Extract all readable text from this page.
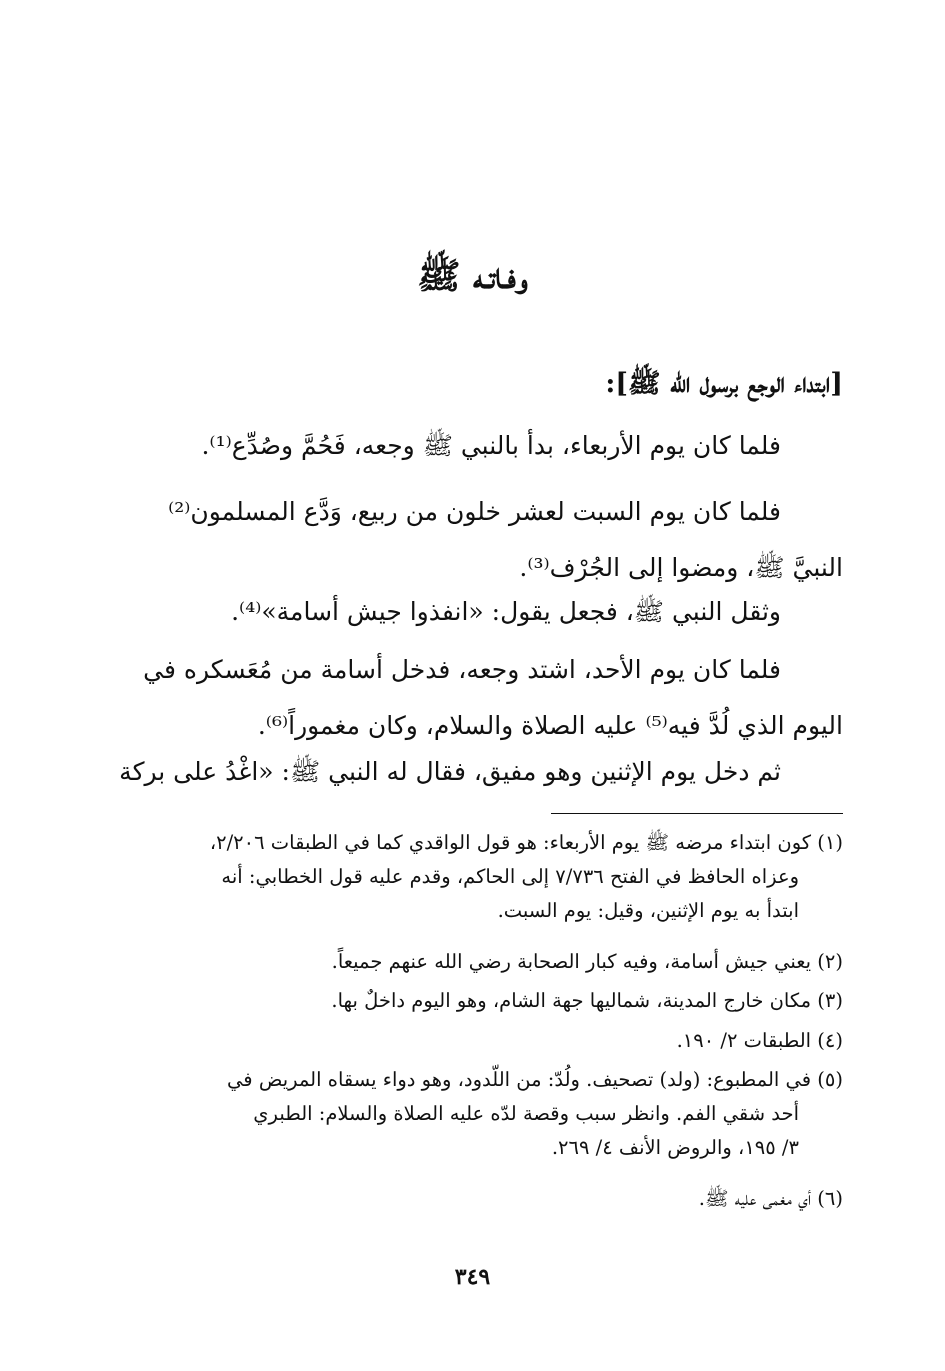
وفـاتـه ﷺ
[ابتداء الوجع برسول اللّه ﷺ]:
فلما كان يوم الأربعاء، بدأ بالنبي ﷺ وجعه، فَحُمَّ وصُدِّع⁽¹⁾.
فلما كان يوم السبت لعشر خلون من ربيع، وَدَّع المسلمون⁽²⁾
النبيَّ ﷺ، ومضوا إلى الجُرْف⁽³⁾.
وثقل النبي ﷺ، فجعل يقول: «انفذوا جيش أسامة»⁽⁴⁾.
فلما كان يوم الأحد، اشتد وجعه، فدخل أسامة من مُعَسكره في
اليوم الذي لُدَّ فيه⁽⁵⁾ عليه الصلاة والسلام، وكان مغموراً⁽⁶⁾.
ثم دخل يوم الإثنين وهو مفيق، فقال له النبي ﷺ: «اغْدُ على بركة
(١) كون ابتداء مرضه ﷺ يوم الأربعاء: هو قول الواقدي كما في الطبقات ٢/٢٠٦،
وعزاه الحافظ في الفتح ٧/٧٣٦ إلى الحاكم، وقدم عليه قول الخطابي: أنه
ابتدأ به يوم الإثنين، وقيل: يوم السبت.
(٢) يعني جيش أسامة، وفيه كبار الصحابة رضي الله عنهم جميعاً.
(٣) مكان خارج المدينة، شماليها جهة الشام، وهو اليوم داخلٌ بها.
(٤) الطبقات ٢/ ١٩٠.
(٥) في المطبوع: (ولد) تصحيف. ولُدّ: من اللّدود، وهو دواء يسقاه المريض في
أحد شقي الفم. وانظر سبب وقصة لدّه عليه الصلاة والسلام: الطبري
٣/ ١٩٥، والروض الأنف ٤/ ٢٦٩.
(٦) أي مغمى عليه ﷺ.
٣٤٩
